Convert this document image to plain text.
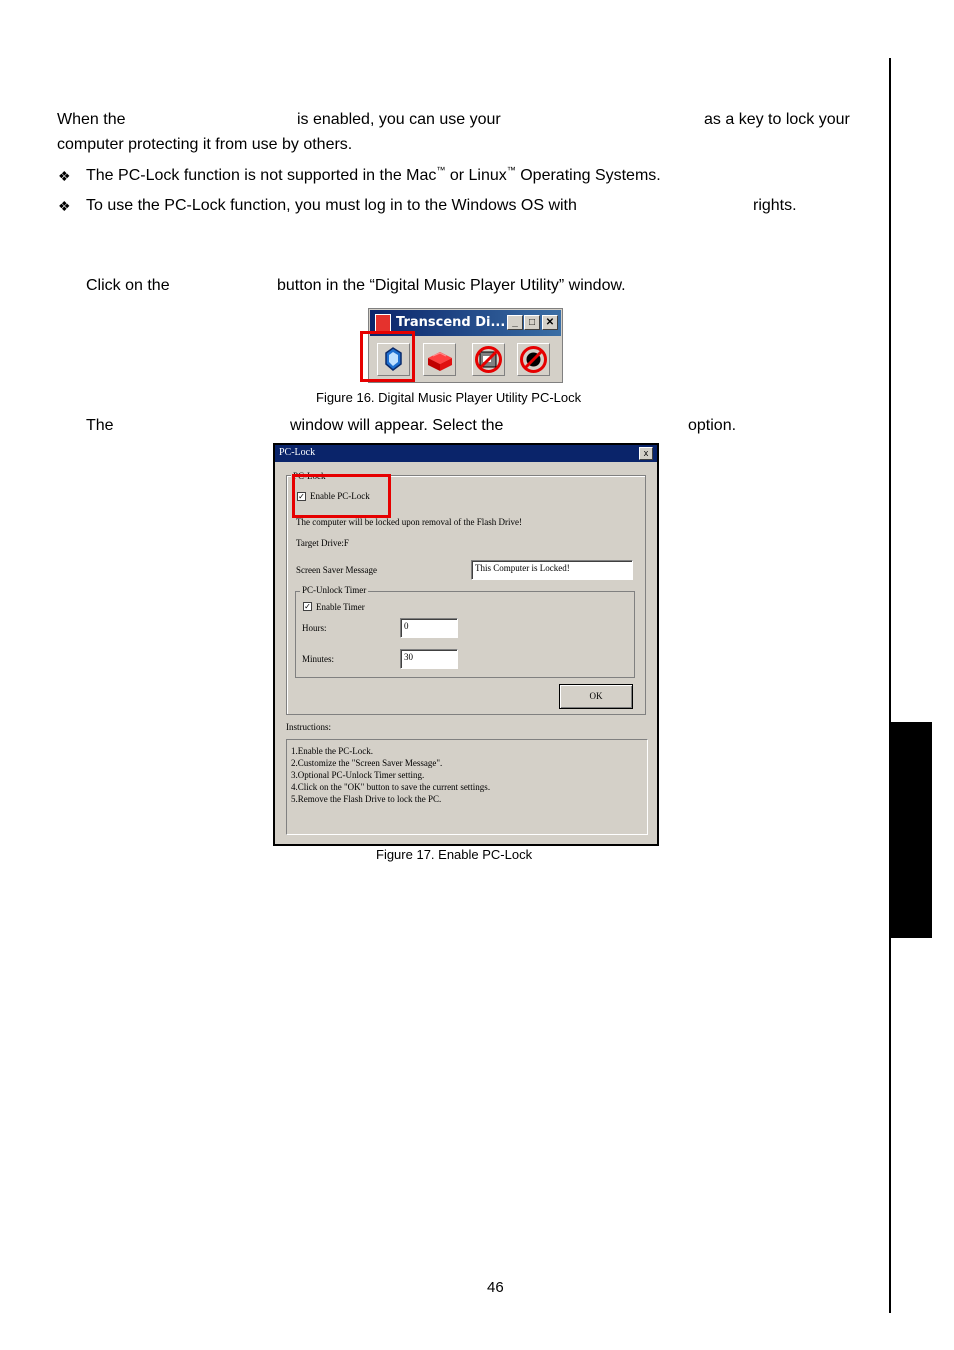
When the	is enabled, you can use your	as a key to lock your
computer protecting it from use by others.
❖ The PC-Lock function is not supported in the Mac™ or Linux™ Operating Systems.
❖ To use the PC-Lock function, you must log in to the Windows OS with	rights.
Click on the	button in the “Digital Music Player Utility” window.
Transcend Di... _	□	✕
Figure 16. Digital Music Player Utility PC-Lock
The	window will appear. Select the	option.
PC-Lock	x
PC-Lock
✓ Enable PC-Lock
The computer will be locked upon removal of the Flash Drive!
Target Drive:F
Screen Saver Message	This Computer is Locked!
PC-Unlock Timer
✓ Enable Timer
Hours:	0
Minutes:	30
OK
Instructions:
1.Enable the PC-Lock.
2.Customize the "Screen Saver Message".
3.Optional PC-Unlock Timer setting.
4.Click on the "OK" button to save the current settings.
5.Remove the Flash Drive to lock the PC.
Figure 17. Enable PC-Lock
46
